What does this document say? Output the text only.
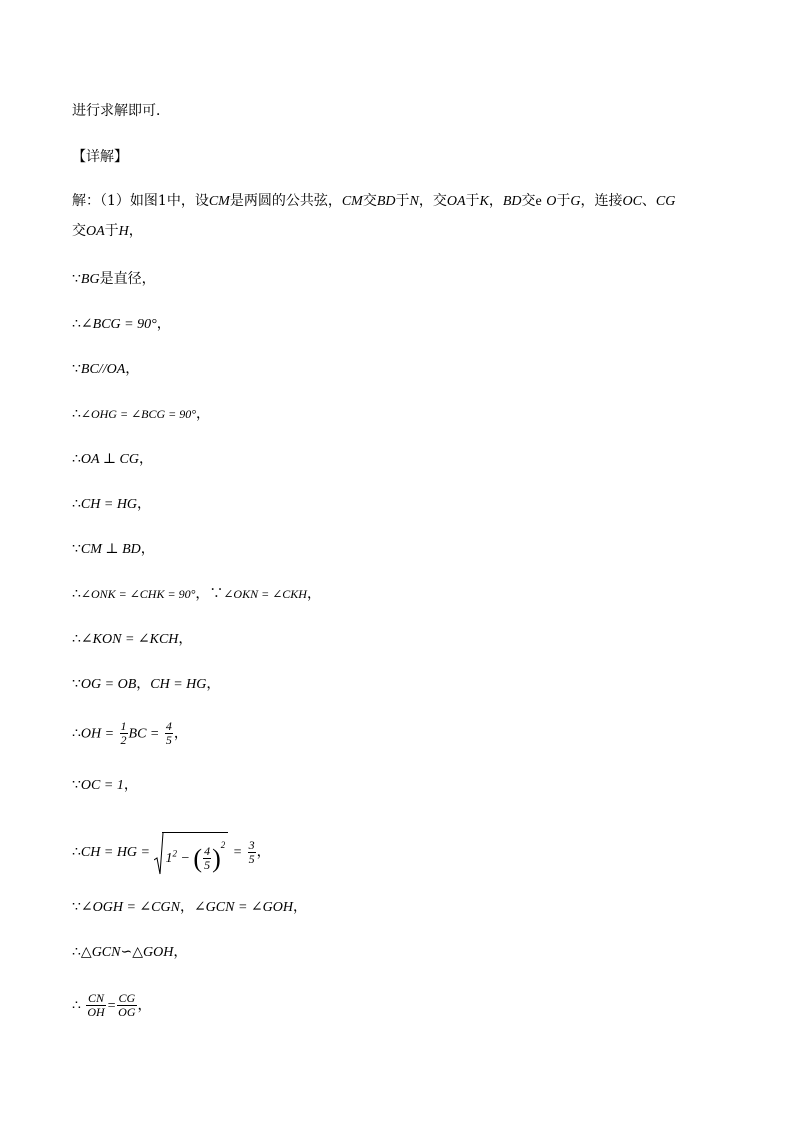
进行求解即可．
【详解】
解：（1）如图1中，设CM是两圆的公共弦，CM交BD于N，交OA于K，BD交e O于G，连接OC、CG
交OA于H，
∵BG是直径，
∴∠BCG = 90°，
∵BC//OA，
∴∠OHG = ∠BCG = 90°，
∴OA ⊥ CG，
∴CH = HG，
∵CM ⊥ BD，
∴∠ONK = ∠CHK = 90°，∵∠OKN = ∠CKH，
∴∠KON = ∠KCH，
∵OG = OB，CH = HG，
∴OH = $\frac{1}{2}$ BC = $\frac{4}{5}$ ，
∵OC = 1，
∴CH = HG = $1^2$ − ( $\frac{4}{5} )^2 = \frac{3}{5}$ ，
∵∠OGH = ∠CGN，∠GCN = ∠GOH，
∴△GCN∽△GOH，
∴ $\frac{CN}{OH} = \frac{CG}{OG}$ ，
